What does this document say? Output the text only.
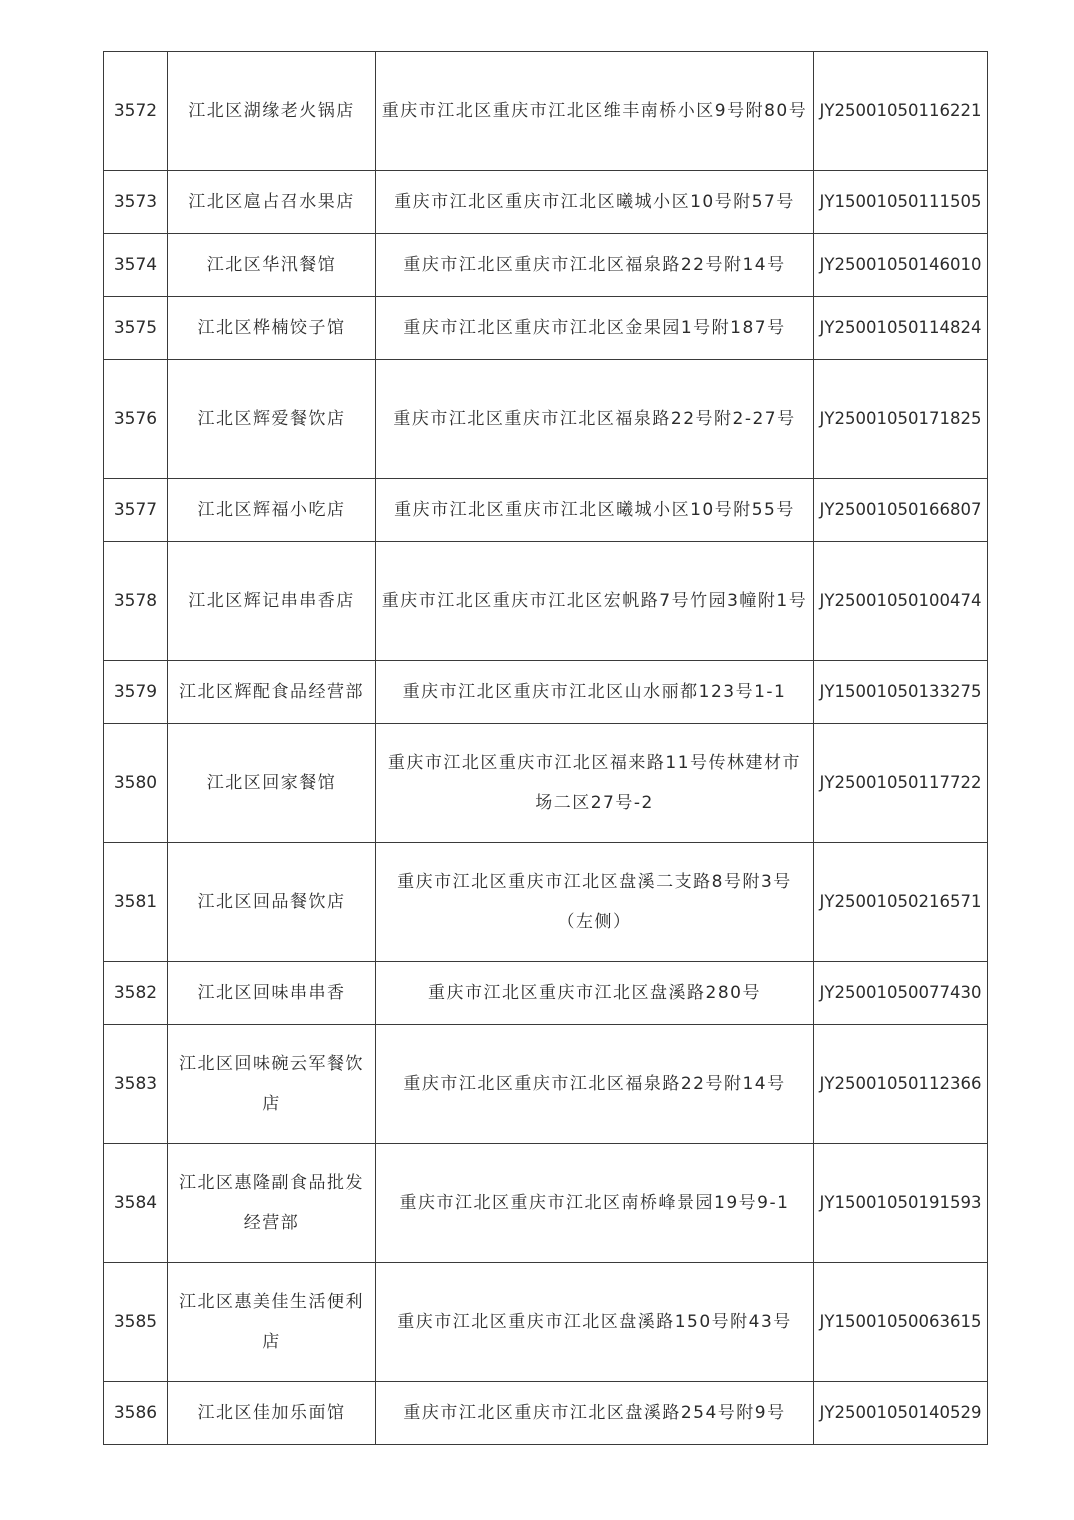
3572	江北区湖缘老火锅店	重庆市江北区重庆市江北区维丰南桥小区9号附80号	JY25001050116221
3573	江北区扈占召水果店	重庆市江北区重庆市江北区曦城小区10号附57号	JY15001050111505
3574	江北区华汛餐馆	重庆市江北区重庆市江北区福泉路22号附14号	JY25001050146010
3575	江北区桦楠饺子馆	重庆市江北区重庆市江北区金果园1号附187号	JY25001050114824
3576	江北区辉爱餐饮店	重庆市江北区重庆市江北区福泉路22号附2-27号	JY25001050171825
3577	江北区辉福小吃店	重庆市江北区重庆市江北区曦城小区10号附55号	JY25001050166807
3578	江北区辉记串串香店	重庆市江北区重庆市江北区宏帆路7号竹园3幢附1号	JY25001050100474
3579	江北区辉配食品经营部	重庆市江北区重庆市江北区山水丽都123号1-1	JY15001050133275
3580	江北区回家餐馆	重庆市江北区重庆市江北区福来路11号传林建材市场二区27号-2	JY25001050117722
3581	江北区回品餐饮店	重庆市江北区重庆市江北区盘溪二支路8号附3号（左侧）	JY25001050216571
3582	江北区回味串串香	重庆市江北区重庆市江北区盘溪路280号	JY25001050077430
3583	江北区回味碗云军餐饮店	重庆市江北区重庆市江北区福泉路22号附14号	JY25001050112366
3584	江北区惠隆副食品批发经营部	重庆市江北区重庆市江北区南桥峰景园19号9-1	JY15001050191593
3585	江北区惠美佳生活便利店	重庆市江北区重庆市江北区盘溪路150号附43号	JY15001050063615
3586	江北区佳加乐面馆	重庆市江北区重庆市江北区盘溪路254号附9号	JY25001050140529
